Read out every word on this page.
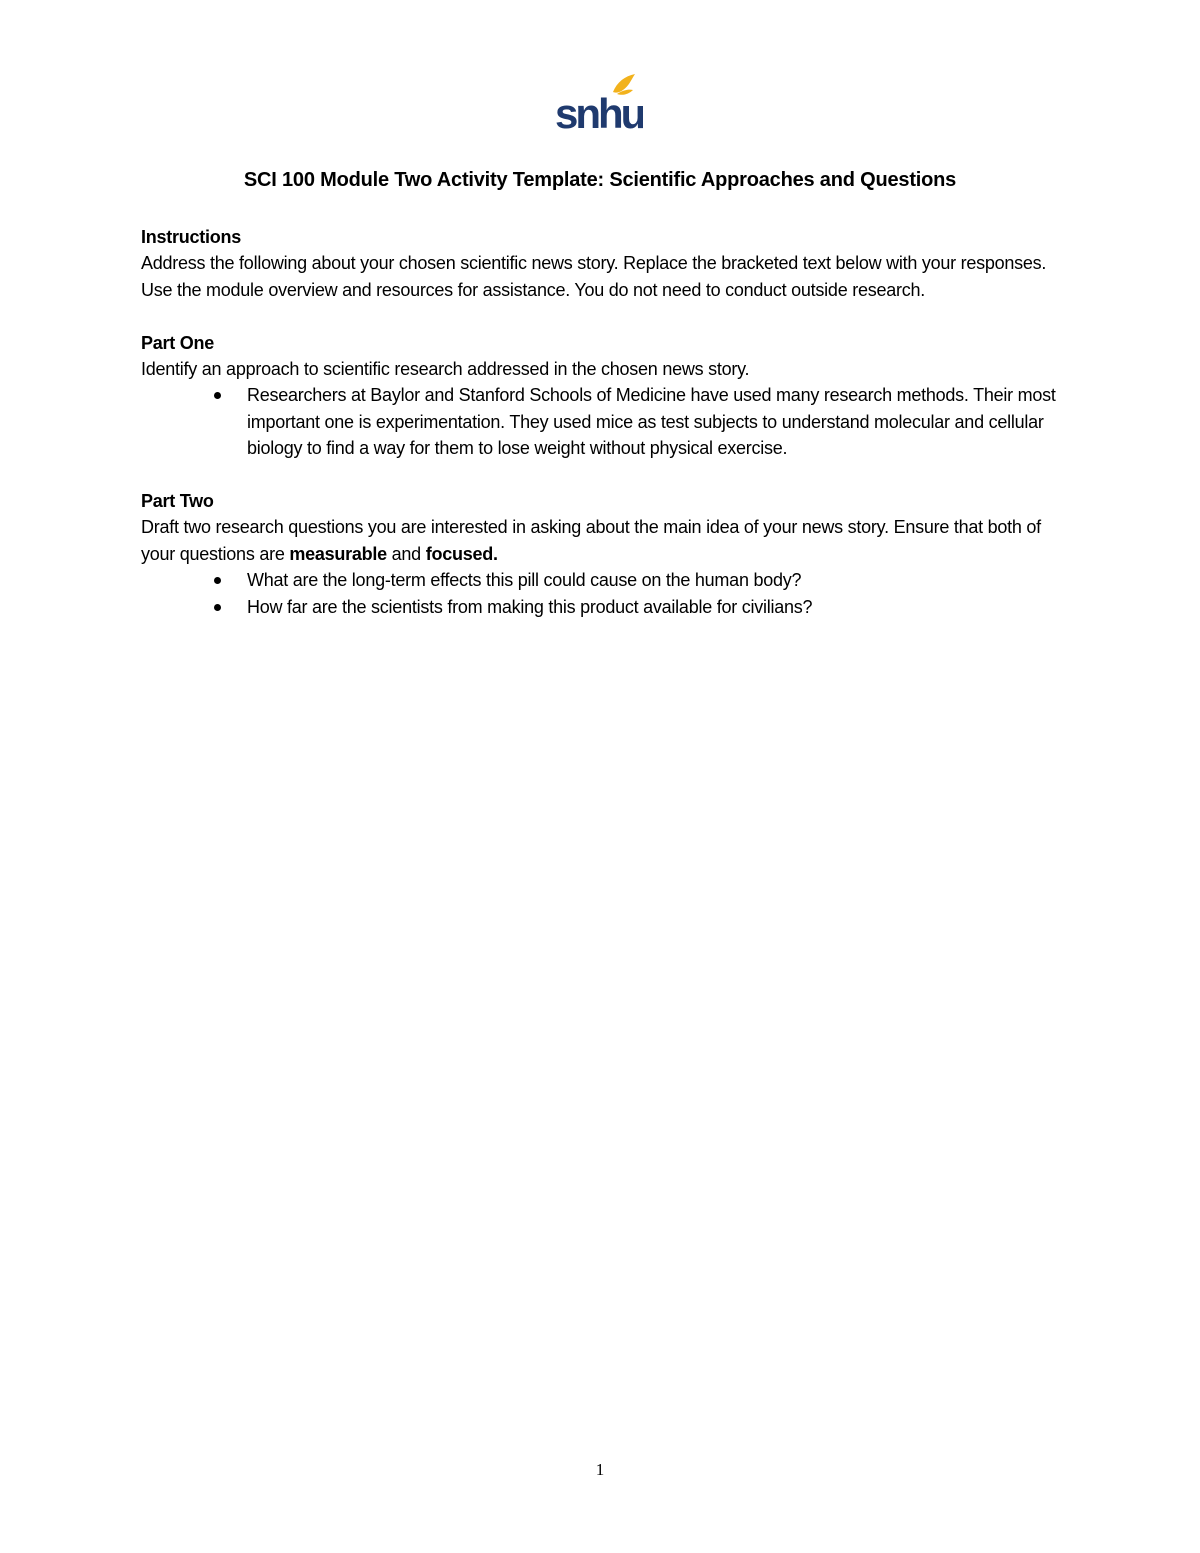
snhu
SCI 100 Module Two Activity Template: Scientific Approaches and Questions

Instructions

Address the following about your chosen scientific news story. Replace the bracketed text below with your responses. Use the module overview and resources for assistance. You do not need to conduct outside research.

Part One

Identify an approach to scientific research addressed in the chosen news story.

Researchers at Baylor and Stanford Schools of Medicine have used many research methods. Their most important one is experimentation. They used mice as test subjects to understand molecular and cellular biology to find a way for them to lose weight without physical exercise.

Part Two

Draft two research questions you are interested in asking about the main idea of your news story. Ensure that both of your questions are measurable and focused.

What are the long-term effects this pill could cause on the human body?
How far are the scientists from making this product available for civilians?
1
